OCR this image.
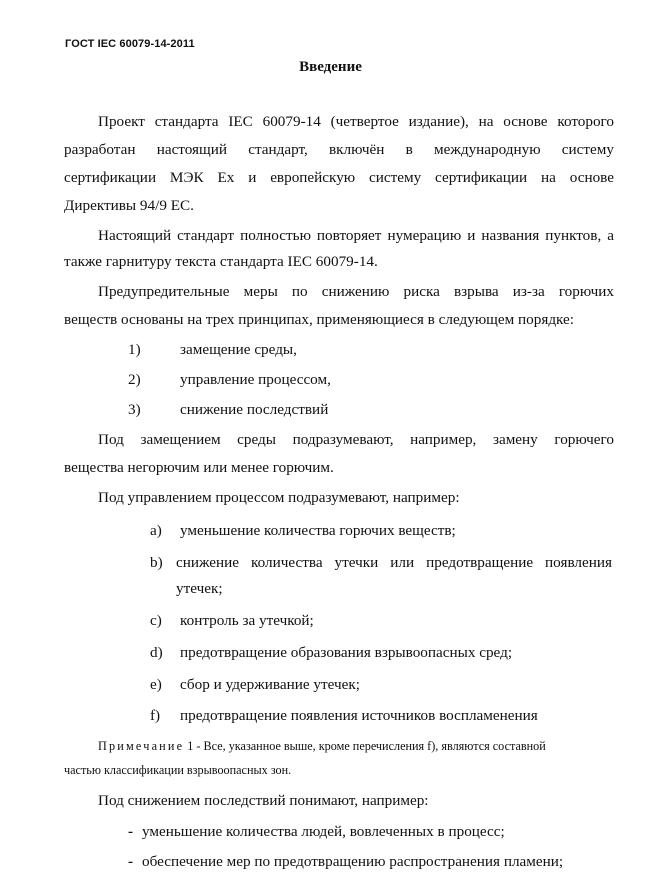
ГОСТ IEC 60079-14-2011
Введение
Проект стандарта IEC 60079-14 (четвертое издание), на основе которого
разработан настоящий стандарт, включён в международную систему
сертификации МЭК Ех и европейскую систему сертификации на основе
Директивы 94/9 ЕС.
Настоящий стандарт полностью повторяет нумерацию и названия пунктов, а
также гарнитуру текста стандарта IEC 60079-14.
Предупредительные меры по снижению риска взрыва из-за горючих
веществ основаны на трех принципах, применяющиеся в следующем порядке:
1)	замещение среды,
2)	управление процессом,
3)	снижение последствий
Под замещением среды подразумевают, например, замену горючего
вещества негорючим или менее горючим.
Под управлением процессом подразумевают, например:
a) уменьшение количества горючих веществ;
b) снижение количества утечки или предотвращение появления
утечек;
c) контроль за утечкой;
d) предотвращение образования взрывоопасных сред;
e) сбор и удерживание утечек;
f) предотвращение появления источников воспламенения
Примечание 1 - Все, указанное выше, кроме перечисления f), являются составной
частью классификации взрывоопасных зон.
Под снижением последствий понимают, например:
- уменьшение количества людей, вовлеченных в процесс;
- обеспечение мер по предотвращению распространения пламени;
